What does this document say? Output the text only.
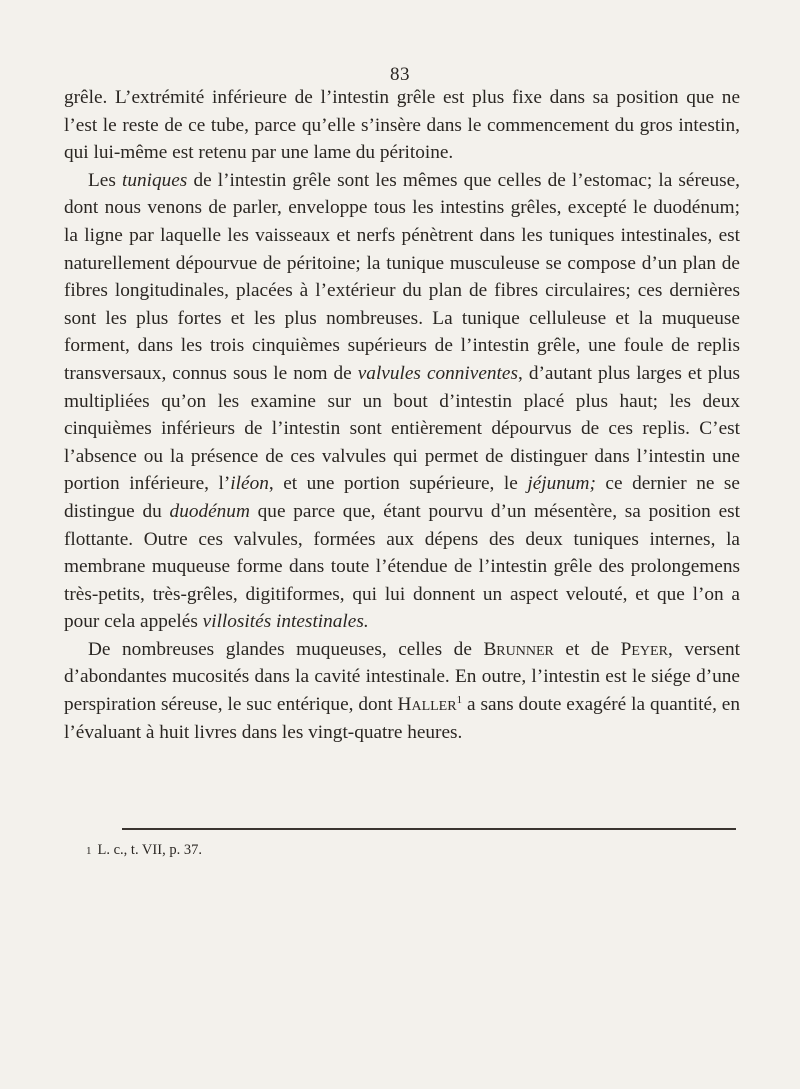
83

grêle. L’extrémité inférieure de l’intestin grêle est plus fixe dans sa position que ne l’est le reste de ce tube, parce qu’elle s’insère dans le commencement du gros intestin, qui lui-même est retenu par une lame du péritoine.

Les tuniques de l’intestin grêle sont les mêmes que celles de l’estomac; la séreuse, dont nous venons de parler, enveloppe tous les intestins grêles, excepté le duodénum; la ligne par laquelle les vaisseaux et nerfs pénètrent dans les tuniques intestinales, est naturellement dépourvue de péritoine; la tunique musculeuse se compose d’un plan de fibres longitudinales, placées à l’extérieur du plan de fibres circulaires; ces dernières sont les plus fortes et les plus nombreuses. La tunique celluleuse et la muqueuse forment, dans les trois cinquièmes supérieurs de l’intestin grêle, une foule de replis transversaux, connus sous le nom de valvules conniventes, d’autant plus larges et plus multipliées qu’on les examine sur un bout d’intestin placé plus haut; les deux cinquièmes inférieurs de l’intestin sont entièrement dépourvus de ces replis. C’est l’absence ou la présence de ces valvules qui permet de distinguer dans l’intestin une portion inférieure, l’iléon, et une portion supérieure, le jéjunum; ce dernier ne se distingue du duodénum que parce que, étant pourvu d’un mésentère, sa position est flottante. Outre ces valvules, formées aux dépens des deux tuniques internes, la membrane muqueuse forme dans toute l’étendue de l’intestin grêle des prolongemens très-petits, très-grêles, digitiformes, qui lui donnent un aspect velouté, et que l’on a pour cela appelés villosités intestinales.

De nombreuses glandes muqueuses, celles de Brunner et de Peyer, versent d’abondantes mucosités dans la cavité intestinale. En outre, l’intestin est le siége d’une perspiration séreuse, le suc entérique, dont Haller$^1$ a sans doute exagéré la quantité, en l’évaluant à huit livres dans les vingt-quatre heures.

1 L. c., t. VII, p. 37.
